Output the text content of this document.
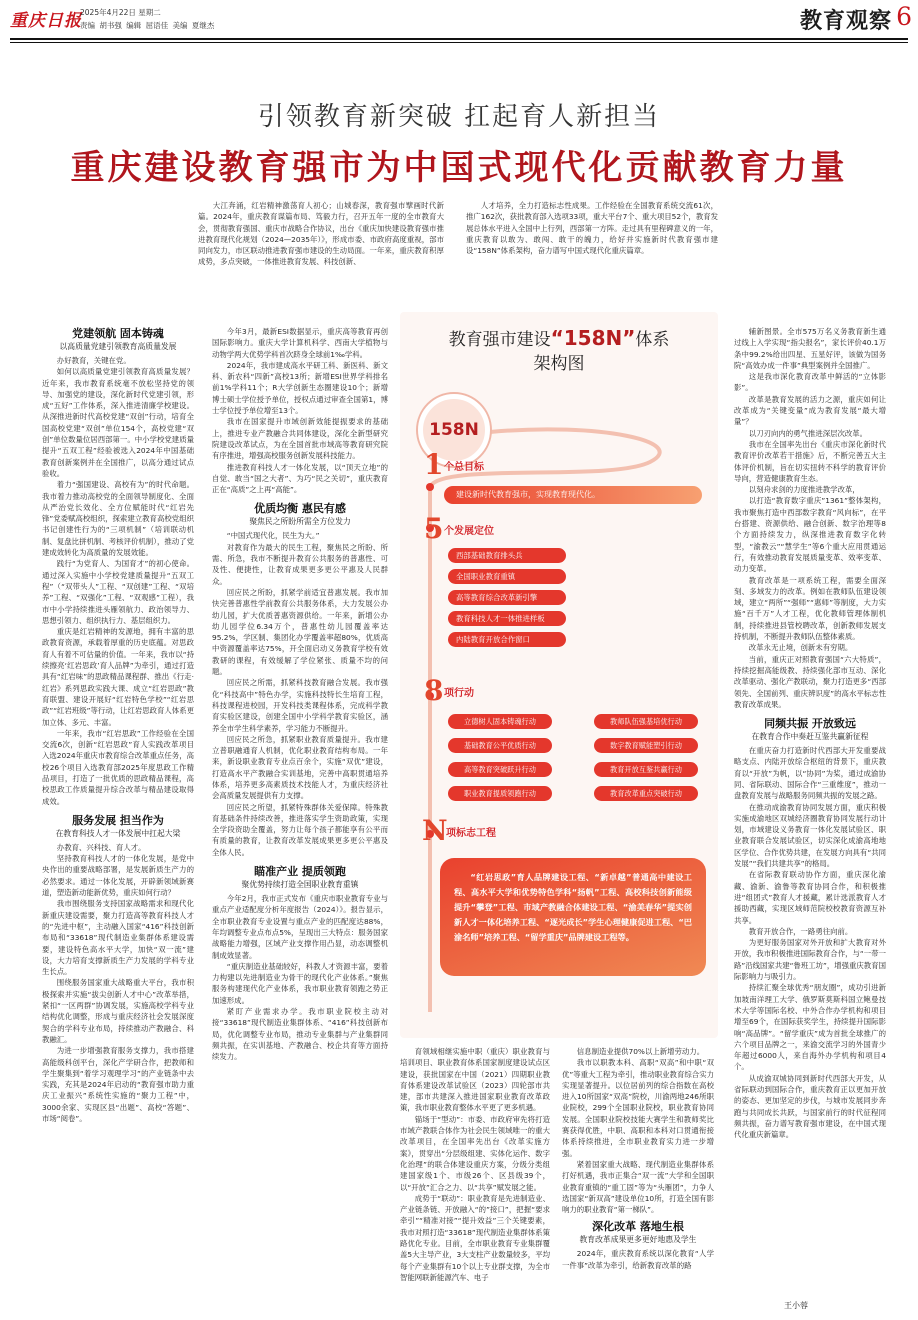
重庆日报
2025年4月22日 星期二
责编 胡书强 编辑 屈语佳 美编 夏继杰	教育观察 6
引领教育新突破 扛起育人新担当
重庆建设教育强市为中国式现代化贡献教育力量

大江奔涌，红岩精神激荡育人初心；山城春深，教育强市擘画时代新篇。2024年，重庆教育谋篇布局、笃毅力行，召开五年一度的全市教育大会，贯彻教育强国、重庆市战略合作协议，出台《重庆加快建设教育强市推进教育现代化规划（2024—2035年）》，形成市委、市政府高度重视，部市同向发力，市区联动推进教育强市建设的生动局面。一年来，重庆教育积厚成势，多点突破，一体推进教育发展、科技创新、

人才培养，全力打造标志性成果。工作经验在全国教育系统交流61次，推广162次，获批教育部入选项33项，重大平台7个、重大项目52个，教育发展总体水平进入全国中上行列，西部第一方阵。走过具有里程碑意义的一年，重庆教育以敢为、敢闯、敢干的魄力，给好并实施新时代教育强市建设“158N”体系架构，奋力谱写中国式现代化重庆篇章。

党建领航 固本铸魂
以高质量党建引领教育高质量发展

办好教育，关键在党。

如何以高质量党建引领教育高质量发展？近年来，我市教育系统毫不放松坚持党的领导、加强党的建设，深化新时代党建引领，形成“五好”工作体系，深入推进清廉学校建设。从深推进新时代高校党建“双创”行动，培育全国高校党建“双创”单位154个，高校党建“双创”单位数量位居西部第一。中小学校党建质量提升“五双工程”经验被选入2024年中国基础教育创新案例并在全国推广，以高分通过试点验收。

着力“强国建设、高校有为”的时代命题。我市着力推动高校党的全面领导制度化、全面从严治党长效化、全方位赋能时代“红岩先锋”党委赋高校组织，探索建立教育高校党组织书记创建性行为的“三项机制”（培训联动机制、复盘比拼机制、考核评价机制），推动了党建成效转化为高质量的发展效能。

践行“为党育人、为国育才”的初心使命。通过深入实施中小学校党建质量提升“五双工程”（“双带头人”工程、“双创建”工程、“双培养”工程、“双强化”工程、“双观感”工程），我市中小学持续推进头雁领航力、政治领导力、思想引领力、组织执行力、基层组织力。

重庆是红岩精神的发源地，拥有丰富的思政教育资源，承载着厚重的历史底蕴。对思政育人有着不可估量的价值。一年来，我市以“持续擦亮‘红岩思政’育人品牌”为牵引，通过打造具有“红岩味”的思政精品课程群、推出《行走·红岩》系列思政实践大课、成立“红岩思政”教育联盟、建设开展好“红岩特色学校”“红岩思政”“红岩班级”等行动，让红岩思政育人体系更加立体、多元、丰富。

一年来，我市“红岩思政”工作经验在全国交流6次，创新“红岩思政”育人实践改革项目入选2024年重庆市教育综合改革重点任务，高校26个项目入选教育部2025年度思政工作精品项目，打造了一批优质的思政精品课程，高校思政工作质量提升综合改革与精品建设取得成效。

服务发展 担当作为
在教育科技人才一体发展中扛起大梁

办教育、兴科技、育人才。

坚持教育科技人才的一体化发展，是党中央作出的重要战略部署，是发展新质生产力的必然要求。通过一体化发展，开辟新领域新赛道，塑造新动能新优势，重庆如何行动？

我市围绕服务支持国家战略需求和现代化新重庆建设需要，聚力打造高等教育科技人才的“先进中枢”，主动融入国家“416”科技创新布局和“33618”现代制造业集群体系建设需要，建设特色高水平大学，加快“双一流”建设，大力培育支撑新质生产力发展的学科专业生长点。

围绕服务国家重大战略重大平台，我市积极探索并实施“拔尖创新人才中心”改革举措，紧扣“一区两群”协调发展，实施高校学科专业结构优化调整，形成与重庆经济社会发展深度契合的学科专业布局，持续推动产教融合、科教融汇。

为进一步增强教育服务支撑力，我市搭建高能级科创平台，深化产学研合作，把教师和学生聚集到“着学习观理学习”的产业链条中去实践，充其是2024年启动的“教育强市助力重庆工业振兴”系统性实施的“聚力工程”中，3000余家、实现区县“出题”、高校“答题”、市场“阅卷”。

今年3月，最新ESI数据显示，重庆高等教育再创国际影响力。重庆大学计算机科学、西南大学植物与动物学两大优势学科首次跻身全球前1‰学科。

2024年，我市建成高水平研工科、新医科、新文科、新农科“四新”高校13所；新增ESI世界学科排名前1%学科11个；R大学创新生态圈建设10个；新增博士硕士学位授予单位，授权点通过审查全国第1，博士学位授予单位增至13个。

我市在国家提升市域创新效能提振要求的基础上，推进专业产教融合共同体建设，深化全新型研究院建设改革试点，为在全国首批市域高等教育研究院有序推进，增强高校服务创新发展科技能力。

推进教育科技人才一体化发展，以“顶天立地”的自觉、敢当“国之大者”、为巧“民之关切”，重庆教育正在“高质”之上再“高能”。

优质均衡 惠民有感
聚焦民之所盼所需全方位发力

“中国式现代化，民生为大。”

对教育作为最大的民生工程，聚焦民之所盼、所需、所急，我市不断提升教育公共服务的普惠性、可及性、便捷性，让教育成果更多更公平惠及人民群众。

回应民之所盼，抓紧学前适宜普惠发展。我市加快完善普惠性学前教育公共服务体系，大力发展公办幼儿园，扩大优质普惠资源供给。一年来，新增公办幼儿园学位6.34万个，普惠性幼儿园覆盖率达95.2%，学区制、集团化办学覆盖率超80%，优质高中资源覆盖率达75%，开全面启动义务教育学校有效教研的课程，有效缓解了学位紧张、质量不均的问题。

回应民之所需，抓紧科技教育融合发展。我市强化“科技高中”特色办学，实施科技特长生培育工程，科技课程进校园，开发科技类课程体系，完成科学教育实验区建设，创建全国中小学科学教育实验区，涵养全市学生科学素养，学习能力不断提升。

回应民之所急，抓紧职业教育质量提升。我市建立普职融通育人机制，优化职业教育结构布局。一年来，新设职业教育专业点百余个，实施“双优”建设，打造高水平产教融合实训基地，完善中高职贯通培养体系，培养更多高素质技术技能人才，为重庆经济社会高质量发展提供有力支撑。

回应民之所望，抓紧特殊群体关爱保障。特殊教育基础条件持续改善，推进落实学生资助政策，实现全学段资助全覆盖，努力让每个孩子都能享有公平而有质量的教育，让教育改革发展成果更多更公平惠及全体人民。

瞄准产业 提质领跑
聚优势持续打造全国职业教育重镇

今年2月，我市正式发布《重庆市职业教育专业与重点产业适配度分析年度报告（2024）》。报告显示，全市职业教育专业设置与重点产业的匹配度达88%，年均调整专业点布点5%，呈现出三大特点：服务国家战略能力增强，区域产业支撑作用凸显，动态调整机制成效显著。

“重庆制造业基础较好，科教人才资源丰富，要着力构建以先进制造业为骨干的现代化产业体系。”聚焦服务构建现代化产业体系，我市职业教育领跑之势正加速形成。

紧盯产业需求办学。我市职业院校主动对接“33618”现代制造业集群体系、“416”科技创新布局，优化调整专业布局，推动专业集群与产业集群同频共振，在实训基地、产教融合、校企共育等方面持续发力。

育领域相继实施中职（重庆）职业教育与培训项目、职业教育体系国家制度建设试点区建设，获批国家在中国（2021）四期职业教育体系建设改革试验区（2023）四轮部市共建，部市共建深入推进国家职业教育改革政策，我市职业教育整体水平更了更多机遇。

锚场于“型动”：市委、市政府审先将打造市域产教联合体作为社会民生领域唯一的重大改革项目，在全国率先出台《改革实施方案》，贯穿出“分层级组建、实体化运作、数字化治理”的联合体建设重庆方案，分级分类组建国家级1个、市级26个、区县级39个，以“开放”汇合之力、以“共享”赋发展之能。

成势于“联动”：职业教育是先进制造业、产业链条链、开放融入“的”接口”，把握“要求牵引”“精准对接”“提升效益”三个关键要素，我市对照打造“33618”现代制造业集群体系策路优化专业。目前，全市职业教育专业集群覆盖5大主导产业，3大支柱产业数量较多，平均每个产业集群有10个以上专业群支撑，为全市智能网联新能源汽车、电子

信息制造业提供70%以上新增劳动力。

我市以职教本科、高职“双高”和中职“双优”等重大工程为牵引，推动职业教育综合实力实现显著提升。以位居前列的综合指数在高校进入10所国家“双高”院校，川渝两地246所职业院校，299个全国职业院校，职业教育协同发展。全国职业院校技能大赛学生和教师奖比赛获得优胜，中职、高职和本科对口贯通衔接体系持续推进，全市职业教育实力进一步增强。

紧着国家重大战略、现代制造业集群体系打好机遇，我市正集合“双一流”大学和全国职业教育重镇的“重工固”等为“头雁团”，力争人选国家“新双高”建设单位10所，打造全国有影响力的职业教育“第一梯队”。

深化改革 落地生根
教育改革成果更多更好地惠及学生

2024年，重庆教育系统以深化教育“人学一件事”改革为牵引，给新教育改革的路

辅新图景。全市575万名义务教育新生通过线上入学实现“指尖报名”，家长评价40.1万条中99.2%给出四星、五星好评，该做为国务院“高效办成一件事”典型案例并全国推广。

这是我市深化教育改革中鲜活的“立体影影”。

改革是教育发展的活力之源，重庆如何让改革成为“关键变量”成为教育发展“最大增量”？

以刀刃向内的勇气推进深层次改革。

我市在全国率先出台《重庆市深化新时代教育评价改革若干措施》后，不断完善五大主体评价机制，旨在切实扭转不科学的教育评价导向，营造健康教育生态。

以刻舟求剑的力度推进教学改革，

以打造“教育数字重庆”1361”整体架构，我市聚焦打造中西部数字教育“风向标”，在平台搭建、资源供给、融合创新、数字治理等8个方面持续发力，纵深推进教育数字化转型，“渝教云”“慧学生”等6个重大应用贯通运行，有效推动教育发展质量变革、效率变革、动力变革。

教育改革是一项系统工程，需要全面深刻、多域发力的改革。例如在教师队伍建设领域，建立“两所”“强师”“惠师”等制度，大力实施“百千万”人才工程，优化教师管理体制机制，持续推进县管校聘改革，创新教师发展支持机制，不断提升教师队伍整体素质。

改革永无止境，创新未有穷期。

当前，重庆正对照教育强国“六大特质”，持续挖掘高能级教、持续强化部市互动、深化改革驱动、强化产教联动，聚力打造更多“西部领先、全国前列、重庆辨识度”的高水平标志性教育改革成果。

同频共振 开放致远
在教育合作中奏赶互鉴共赢新征程

在重庆奋力打造新时代西部大开发重要战略支点、内陆开放综合枢纽的背景下，重庆教育以“开放”为帆，以“协同”为桨，通过成渝协同、省际联动、国际合作“三重维度”，推动一盘教育发展与战略服务同频共振的发展之路。

在推动成渝教育协同发展方面，重庆积极实施成渝地区双城经济圈教育协同发展行动计划，市域建设义务教育一体化发展试验区、职业教育联合发展试验区，切实深化成渝高地地区学位、合作优势共建，在发展方向具有“共同发展”“我们共建共享”的格局。

在省际教育联动协作方面，重庆深化渝藏、渝新、渝鲁等教育协同合作，和积极推进“组团式”教育人才援藏，累计选派教育人才援助西藏，实现区域师范院校校教育资源互补共享。

教育开放合作，一路勇往向前。

为更好服务国家对外开放和扩大教育对外开放，我市积极推进国际教育合作，与“一带一路”沿线国家共建“鲁班工坊”，增强重庆教育国际影响力与吸引力。

持续汇聚全球优秀“朋友圈”，成功引进新加坡南洋理工大学、俄罗斯莫斯科国立鲍曼技术大学等国际名校、中外合作办学机构和项目增至69个，在国际获奖学生，持续提升国际影响“高品牌”。“留学重庆”成为首批全球推广的六个项目品牌之一，来渝交流学习的外国青少年超过6000人，来自海外办学机构和项目4个。

从成渝双城协同到新时代西部大开发，从省际联动到国际合作，重庆教育正以更加开放的姿态、更加坚定的步伐，与城市发展同步奔跑与共同成长共跃，与国家前行的时代征程同频共振，奋力谱写教育强市建设，在中国式现代化重庆新篇章。

王小蓉
教育强市建设“158N”体系
架构图
158N
1 个总目标
建设新时代教育强市，实现教育现代化。
5 个发展定位
西部基础教育排头兵
全国职业教育重镇
高等教育综合改革新引擎
教育科技人才一体推进样板
内陆教育开放合作窗口
8 项行动
立德树人固本铸魂行动
基础教育公平优质行动
高等教育突破跃升行动
职业教育提质领跑行动
教师队伍强基培优行动
数字教育赋能塑引行动
教育开放互鉴共赢行动
教育改革重点突破行动
N
项标志工程

“红岩思政”育人品牌建设工程、“新卓越”普通高中建设工程、高水平大学和优势特色学科“扬帆”工程、高校科技创新能级提升“攀登”工程、市域产教融合体建设工程、“渝美春华”提实创新人才一体化培养工程、“逐光成长”学生心理健康促进工程、“巴渝名师”培养工程、“留学重庆”品牌建设工程等。
